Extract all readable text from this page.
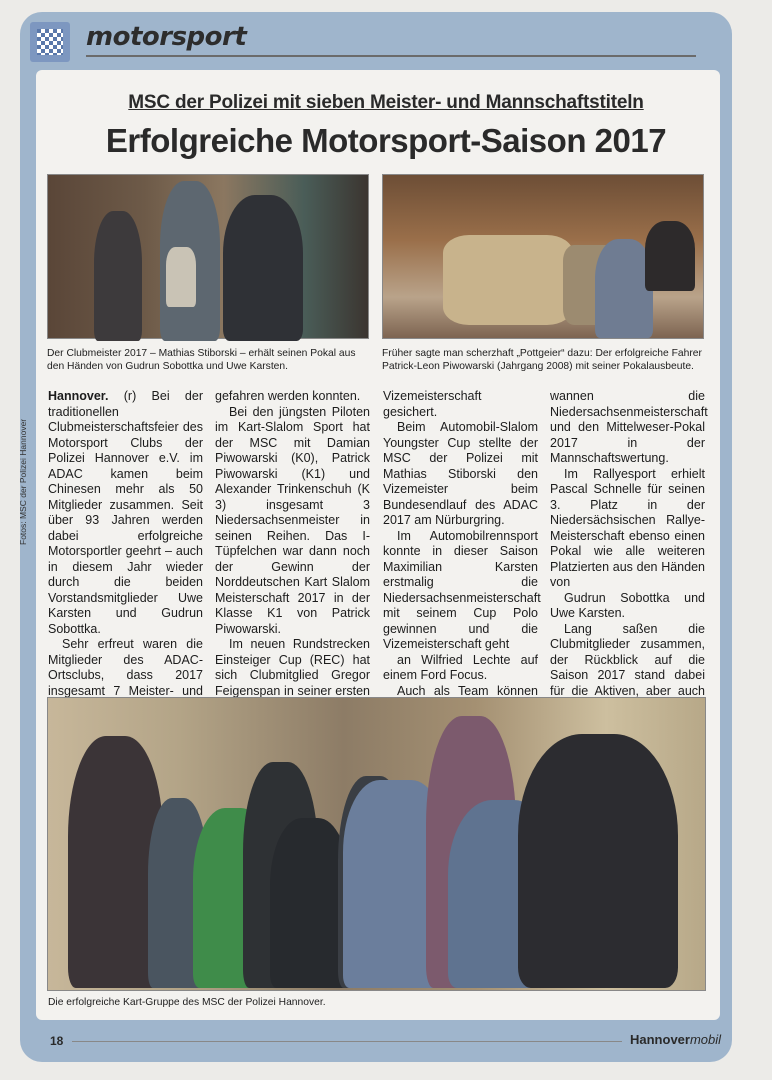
motorsport
MSC der Polizei mit sieben Meister- und Mannschaftstiteln
Erfolgreiche Motorsport-Saison 2017
Der Clubmeister 2017 – Mathias Stiborski – erhält seinen Pokal aus den Händen von Gudrun Sobottka und Uwe Karsten.
Früher sagte man scherzhaft „Pottgeier“ dazu: Der erfolgreiche Fahrer Patrick-Leon Piwowarski (Jahrgang 2008) mit seiner Pokalausbeute.
Fotos: MSC der Polizei Hannover

Hannover. (r) Bei der traditionellen Clubmeisterschaftsfeier des Motorsport Clubs der Polizei Hannover e.V. im ADAC kamen beim Chinesen mehr als 50 Mitglieder zusammen. Seit über 93 Jahren werden dabei erfolgreiche Motorsportler geehrt – auch in diesem Jahr wieder durch die beiden Vorstandsmitglieder Uwe Karsten und Gudrun Sobottka.

Sehr erfreut waren die Mitglieder des ADAC-Ortsclubs, dass 2017 insgesamt 7 Meister- und

gefahren werden konnten.

Bei den jüngsten Piloten im Kart-Slalom Sport hat der MSC mit Damian Piwowarski (K0), Patrick Piwowarski (K1) und Alexander Trinkenschuh (K 3) insgesamt 3 Niedersachsenmeister in seinen Reihen. Das I-Tüpfelchen war dann noch der Gewinn der Norddeutschen Kart Slalom Meisterschaft 2017 in der Klasse K1 von Patrick Piwowarski.

Im neuen Rundstrecken Einsteiger Cup (REC) hat sich Clubmitglied Gregor Feigenspan in seiner ersten

Vizemeisterschaft gesichert.

Beim Automobil-Slalom Youngster Cup stellte der MSC der Polizei mit Mathias Stiborski den Vizemeister beim Bundesendlauf des ADAC 2017 am Nürburgring.

Im Automobilrennsport konnte in dieser Saison Maximilian Karsten erstmalig die Niedersachsenmeisterschaft mit seinem Cup Polo gewinnen und die Vizemeisterschaft geht

an Wilfried Lechte auf einem Ford Focus.

Auch als Team können

wannen die Niedersachsenmeisterschaft und den Mittelweser-Pokal 2017 in der Mannschaftswertung.

Im Rallyesport erhielt Pascal Schnelle für seinen 3. Platz in der Niedersächsischen Rallye-Meisterschaft ebenso einen Pokal wie alle weiteren Platzierten aus den Händen von

Gudrun Sobottka und Uwe Karsten.

Lang saßen die Clubmitglieder zusammen, der Rückblick auf die Saison 2017 stand dabei für die Aktiven, aber auch

Die erfolgreiche Kart-Gruppe des MSC der Polizei Hannover.
18	Hannovermobil
